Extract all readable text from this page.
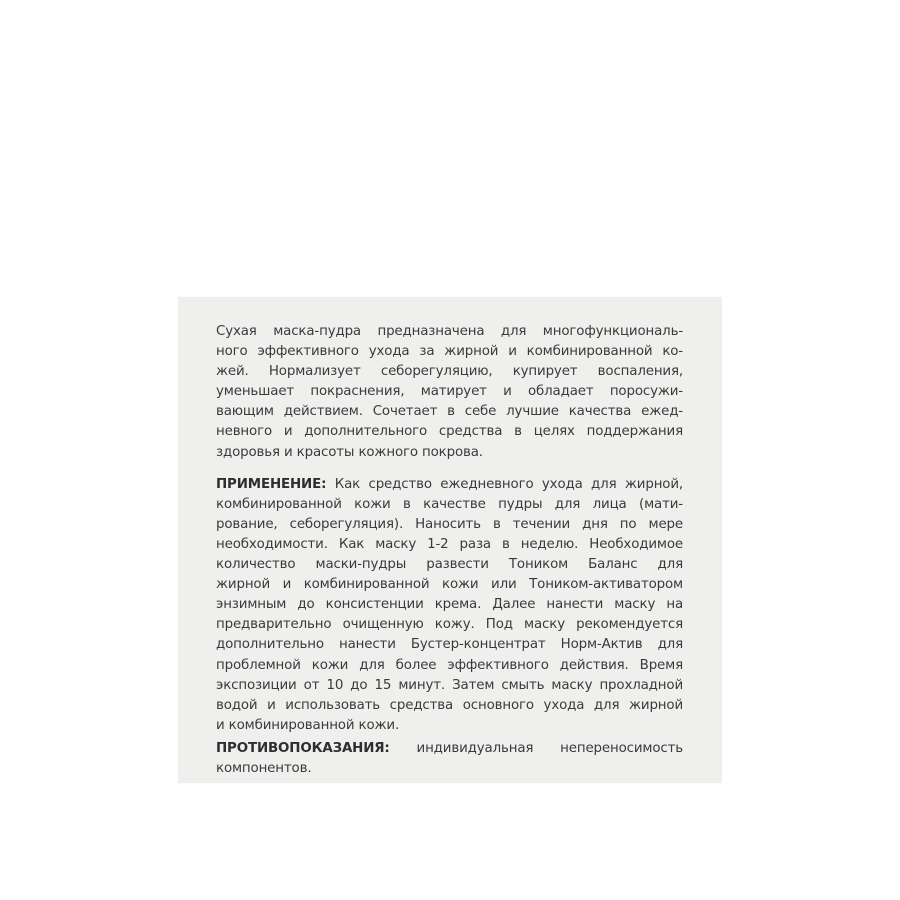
Сухая маска-пудра предназначена для многофункциональ-
ного эффективного ухода за жирной и комбинированной ко-
жей. Нормализует себорегуляцию, купирует воспаления,
уменьшает покраснения, матирует и обладает поросужи-
вающим действием. Сочетает в себе лучшие качества ежед-
невного и дополнительного средства в целях поддержания
здоровья и красоты кожного покрова.
ПРИМЕНЕНИЕ: Как средство ежедневного ухода для жирной,
комбинированной кожи в качестве пудры для лица (мати-
рование, себорегуляция). Наносить в течении дня по мере
необходимости. Как маску 1-2 раза в неделю. Необходимое
количество маски-пудры развести Тоником Баланс для
жирной и комбинированной кожи или Тоником-активатором
энзимным до консистенции крема. Далее нанести маску на
предварительно очищенную кожу. Под маску рекомендуется
дополнительно нанести Бустер-концентрат Норм-Актив для
проблемной кожи для более эффективного действия. Время
экспозиции от 10 до 15 минут. Затем смыть маску прохладной
водой и использовать средства основного ухода для жирной
и комбинированной кожи.
ПРОТИВОПОКАЗАНИЯ: индивидуальная непереносимость
компонентов.
